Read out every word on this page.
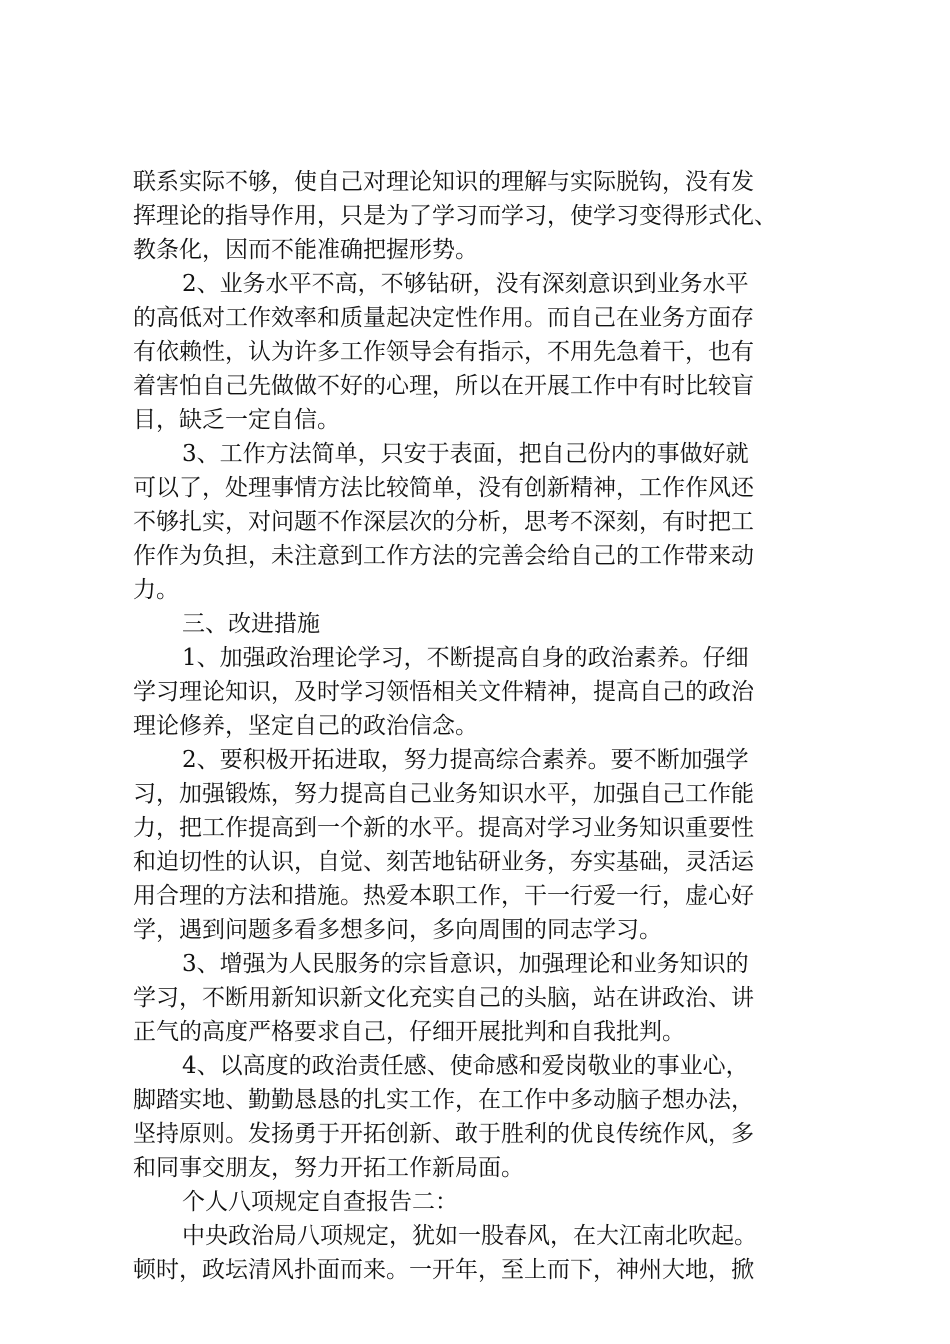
联系实际不够，使自己对理论知识的理解与实际脱钩，没有发
挥理论的指导作用，只是为了学习而学习，使学习变得形式化、
教条化，因而不能准确把握形势。
2、业务水平不高，不够钻研，没有深刻意识到业务水平
的高低对工作效率和质量起决定性作用。而自己在业务方面存
有依赖性，认为许多工作领导会有指示，不用先急着干，也有
着害怕自己先做做不好的心理，所以在开展工作中有时比较盲
目，缺乏一定自信。
3、工作方法简单，只安于表面，把自己份内的事做好就
可以了，处理事情方法比较简单，没有创新精神，工作作风还
不够扎实，对问题不作深层次的分析，思考不深刻，有时把工
作作为负担，未注意到工作方法的完善会给自己的工作带来动
力。
三、改进措施
1、加强政治理论学习，不断提高自身的政治素养。仔细
学习理论知识，及时学习领悟相关文件精神，提高自己的政治
理论修养，坚定自己的政治信念。
2、要积极开拓进取，努力提高综合素养。要不断加强学
习，加强锻炼，努力提高自己业务知识水平，加强自己工作能
力，把工作提高到一个新的水平。提高对学习业务知识重要性
和迫切性的认识，自觉、刻苦地钻研业务，夯实基础，灵活运
用合理的方法和措施。热爱本职工作，干一行爱一行，虚心好
学，遇到问题多看多想多问，多向周围的同志学习。
3、增强为人民服务的宗旨意识，加强理论和业务知识的
学习，不断用新知识新文化充实自己的头脑，站在讲政治、讲
正气的高度严格要求自己，仔细开展批判和自我批判。
4、以高度的政治责任感、使命感和爱岗敬业的事业心，
脚踏实地、勤勤恳恳的扎实工作，在工作中多动脑子想办法，
坚持原则。发扬勇于开拓创新、敢于胜利的优良传统作风，多
和同事交朋友，努力开拓工作新局面。
个人八项规定自查报告二：
中央政治局八项规定，犹如一股春风，在大江南北吹起。
顿时，政坛清风扑面而来。一开年，至上而下，神州大地，掀
